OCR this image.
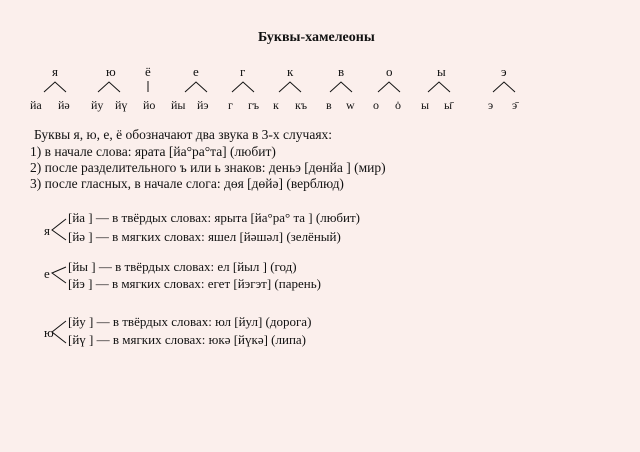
Буквы-хамелеоны
я	ю ё	е	г	к	в	о	ы	э
йа йə йу йү йо йы йэ г гъ к къ в w о ȯ ы ы̄	э э̄
Буквы я, ю, е, ё обозначают два звука в 3-х случаях:
1) в начале слова: ярата [йа°ра°та] (любит)
2) после разделительного ъ или ь знаков: деньэ [дөнйа ] (мир)
3) после гласных, в начале слога: дөя [дөйə] (верблюд)
я
[йа ] — в твёрдых словах: ярыта [йа°ра° та ] (любит)
[йə ] — в мягких словах: яшел [йəшəл] (зелёный)
е [йы ] — в твёрдых словах: ел [йыл ] (год)
[йэ ] — в мягких словах: егет [йэгэт] (парень)
ю
[йу ] — в твёрдых словах: юл [йул] (дорога)
[йү ] — в мягких словах: юкə [йүкə] (липа)
